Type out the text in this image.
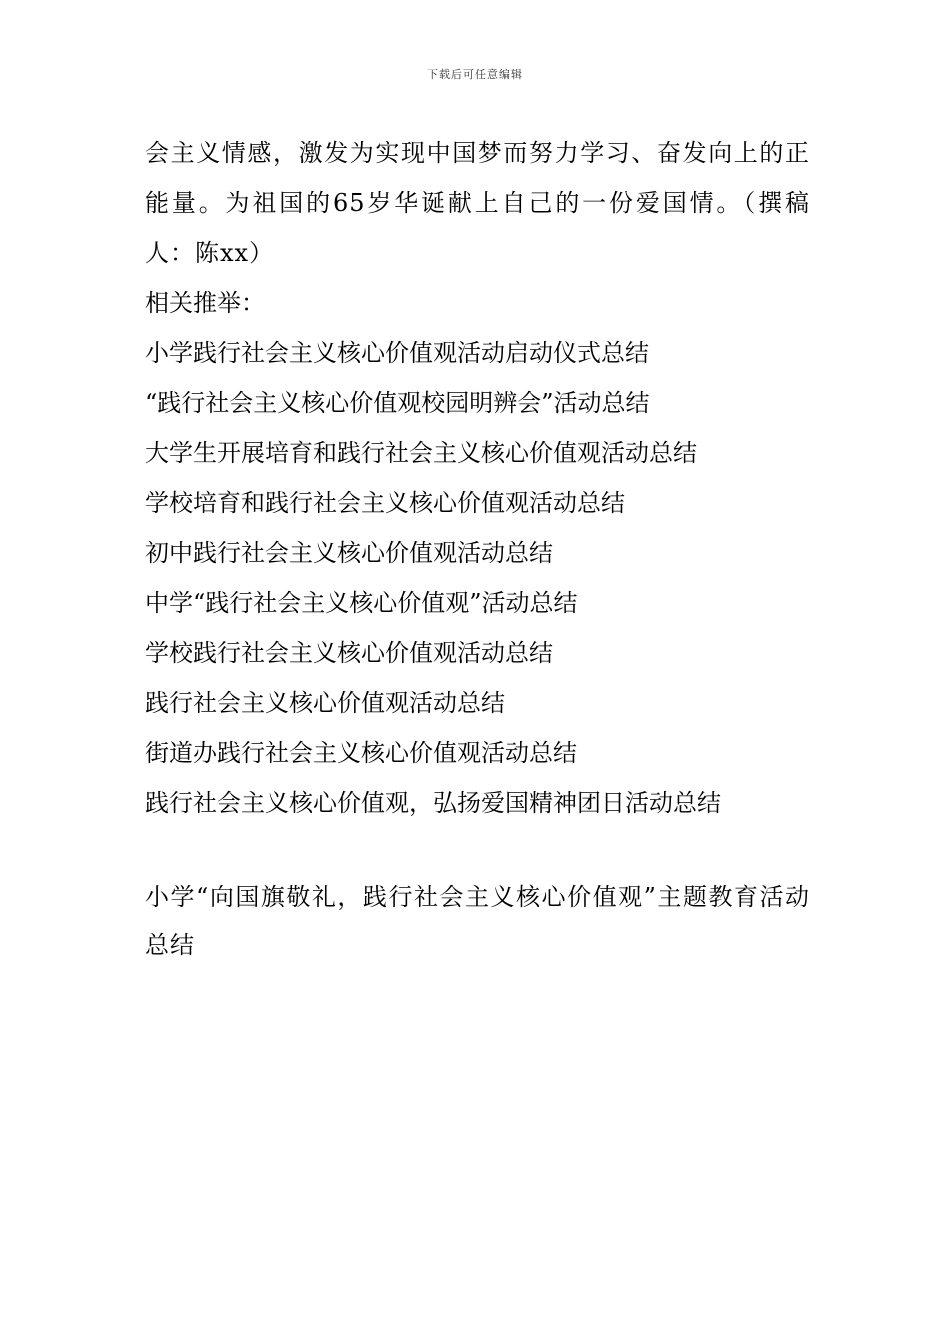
下载后可任意编辑

会主义情感，激发为实现中国梦而努力学习、奋发向上的正能量。为祖国的65岁华诞献上自己的一份爱国情。（撰稿人：陈xx）

相关推举：

小学践行社会主义核心价值观活动启动仪式总结
“践行社会主义核心价值观校园明辨会”活动总结
大学生开展培育和践行社会主义核心价值观活动总结
学校培育和践行社会主义核心价值观活动总结
初中践行社会主义核心价值观活动总结
中学“践行社会主义核心价值观”活动总结
学校践行社会主义核心价值观活动总结
践行社会主义核心价值观活动总结
街道办践行社会主义核心价值观活动总结
践行社会主义核心价值观，弘扬爱国精神团日活动总结

小学“向国旗敬礼，践行社会主义核心价值观”主题教育活动总结
